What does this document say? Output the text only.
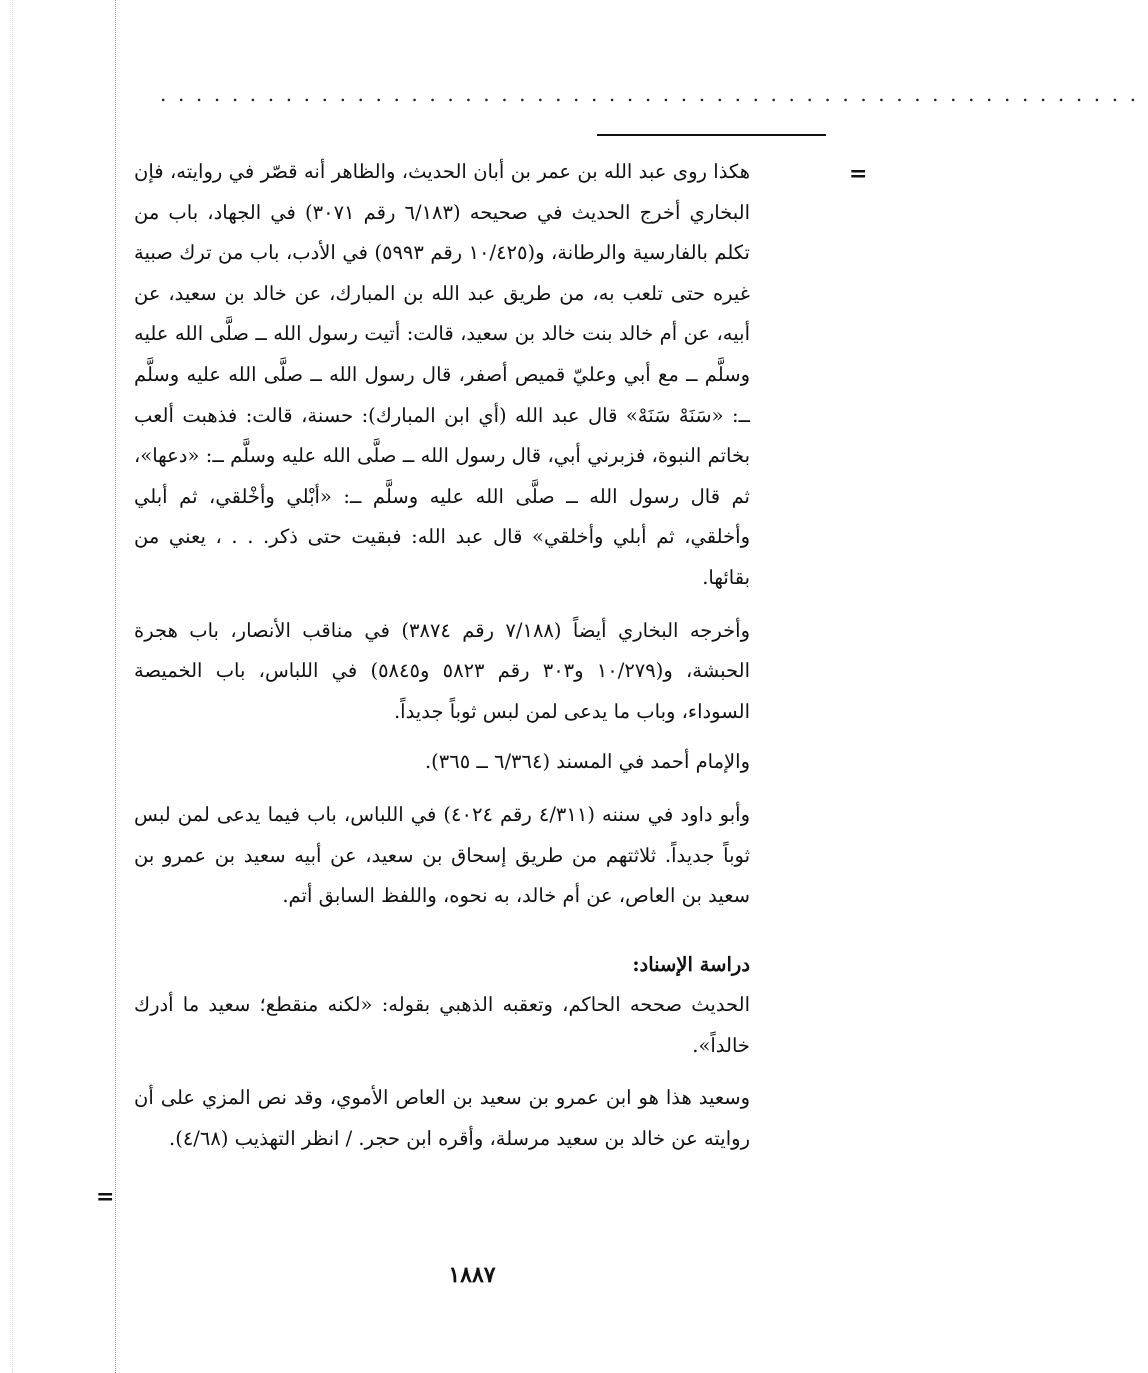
.......................................................
=

هكذا روى عبد الله بن عمر بن أبان الحديث، والظاهر أنه قصّر في روايته، فإن البخاري أخرج الحديث في صحيحه (٦/١٨٣ رقم ٣٠٧١) في الجهاد، باب من تكلم بالفارسية والرطانة، و(١٠/٤٢٥ رقم ٥٩٩٣) في الأدب، باب من ترك صبية غيره حتى تلعب به، من طريق عبد الله بن المبارك، عن خالد بن سعيد، عن أبيه، عن أم خالد بنت خالد بن سعيد، قالت: أتيت رسول الله ــ صلَّى الله عليه وسلَّم ــ مع أبي وعليّ قميص أصفر، قال رسول الله ــ صلَّى الله عليه وسلَّم ــ: «سَنَهْ سَنَهْ» قال عبد الله (أي ابن المبارك): حسنة، قالت: فذهبت ألعب بخاتم النبوة، فزبرني أبي، قال رسول الله ــ صلَّى الله عليه وسلَّم ــ: «دعها»، ثم قال رسول الله ــ صلَّى الله عليه وسلَّم ــ: «أبْلي وأخْلقي، ثم أبلي وأخلقي، ثم أبلي وأخلقي» قال عبد الله: فبقيت حتى ذكر. . . ، يعني من بقائها.

وأخرجه البخاري أيضاً (٧/١٨٨ رقم ٣٨٧٤) في مناقب الأنصار، باب هجرة الحبشة، و(١٠/٢٧٩ و٣٠٣ رقم ٥٨٢٣ و٥٨٤٥) في اللباس، باب الخميصة السوداء، وباب ما يدعى لمن لبس ثوباً جديداً.

والإمام أحمد في المسند (٦/٣٦٤ ــ ٣٦٥).

وأبو داود في سننه (٤/٣١١ رقم ٤٠٢٤) في اللباس، باب فيما يدعى لمن لبس ثوباً جديداً. ثلاثتهم من طريق إسحاق بن سعيد، عن أبيه سعيد بن عمرو بن سعيد بن العاص، عن أم خالد، به نحوه، واللفظ السابق أتم.

دراسة الإسناد:

الحديث صححه الحاكم، وتعقبه الذهبي بقوله: «لكنه منقطع؛ سعيد ما أدرك خالداً».

وسعيد هذا هو ابن عمرو بن سعيد بن العاص الأموي، وقد نص المزي على أن روايته عن خالد بن سعيد مرسلة، وأقره ابن حجر. / انظر التهذيب (٤/٦٨).

=
١٨٨٧
